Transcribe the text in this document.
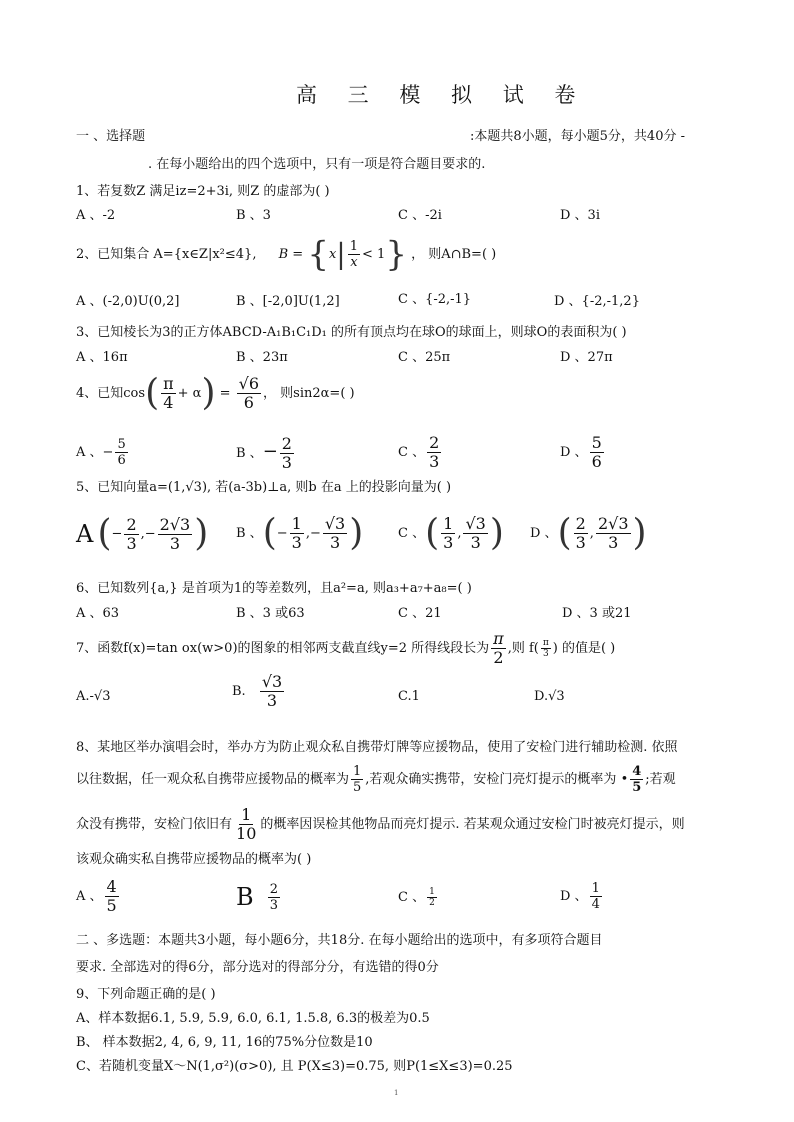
高 三 模 拟 试 卷
一 、选择题	:本题共8小题，每小题5分，共40分 -
. 在每小题给出的四个选项中，只有一项是符合题目要求的.
1、若复数Z 满足iz=2+3i, 则Z 的虚部为( )
A 、-2	B 、3	C 、-2i	D 、3i
2、已知集合 A={x∈Z|x²≤4}, $B = \{x| \frac{1}{x} < 1\}$ ， 则A∩B=( )
A 、(-2,0)U(0,2]	B 、[-2,0]U(1,2]	C 、{-2,-1}	D 、{-2,-1,2}
3、已知棱长为3的正方体ABCD-A₁B₁C₁D₁ 的所有顶点均在球O的球面上，则球O的表面积为( )
A 、16π	B 、23π	C 、25π	D 、27π
4、已知$\cos( \frac{\pi}{4} + \alpha) = \frac{√6}{6}$ ， 则sin2α=( )
A 、− $\frac{5}{6}$	B 、− $\frac{2}{3}$	C 、 $\frac{2}{3}$	D 、 $\frac{5}{6}$
5、已知向量a=(1,√3), 若(a-3b)⊥a, 则b 在a 上的投影向量为( )
A (− $\frac{2}{3}$ ,− $\frac{2√3}{3}$ ) B 、(− $\frac{1}{3}$ ,− $\frac{√3}{3}$ )	C 、( $\frac{1}{3}$ , $\frac{√3}{3}$ ) D 、( $\frac{2}{3}$ , $\frac{2√3}{3}$ )
6、已知数列{a,} 是首项为1的等差数列，且a²=a, 则a₃+a₇+a₈=( )
A 、63	B 、3 或63	C 、21	D 、3 或21
7、函数f(x)=tan ox(w>0)的图象的相邻两支截直线y=2 所得线段长为 $\frac{\pi}{2}$ ,则 $f( \frac{\pi}{3}$ ) 的值是( )
A.-√3	B. $\frac{√3}{3}$	C.1	D.√3
8、某地区举办演唱会时，举办方为防止观众私自携带灯牌等应援物品，使用了安检门进行辅助检测. 依照
以往数据，任一观众私自携带应援物品的概率为 $\frac{1}{5}$ ,若观众确实携带，安检门亮灯提示的概率为 • $\frac{4}{5}$ ;若观
众没有携带，安检门依旧有 $\frac{1}{10}$ 的概率因误检其他物品而亮灯提示. 若某观众通过安检门时被亮灯提示，则
该观众确实私自携带应援物品的概率为( )
A 、 $\frac{4}{5}$	B $\frac{2}{3}$	C 、 $\frac{1}{2}$	D 、 $\frac{1}{4}$
二 、多选题：本题共3小题，每小题6分，共18分. 在每小题给出的选项中，有多项符合题目
要求. 全部选对的得6分，部分选对的得部分分，有选错的得0分
9、下列命题正确的是( )
A、样本数据6.1, 5.9, 5.9, 6.0, 6.1, 1.5.8, 6.3的极差为0.5
B、 样本数据2, 4, 6, 9, 11, 16的75%分位数是10
C、若随机变量X～N(1,σ²)(σ>0), 且 P(X≤3)=0.75, 则P(1≤X≤3)=0.25
1
